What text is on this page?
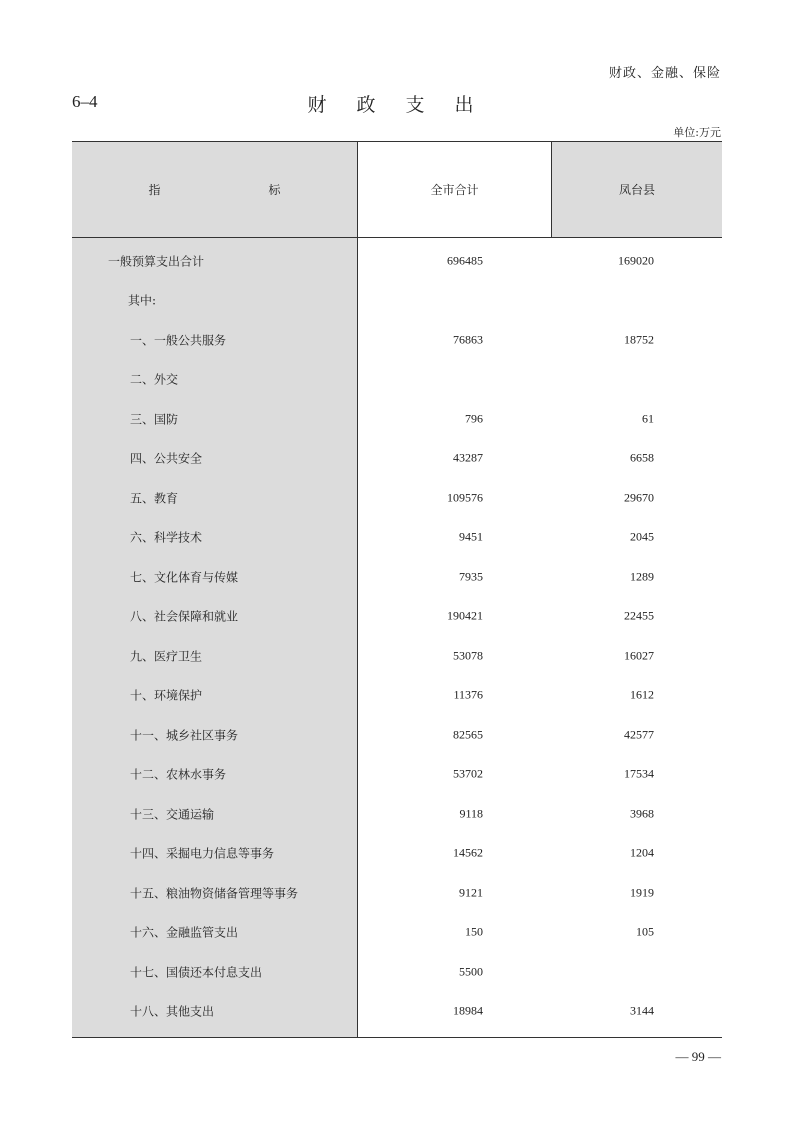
财政、金融、保险
6–4	财 政 支 出
单位:万元
指　　标	全市合计	凤台县
一般预算支出合计	696485	169020
其中:
一、一般公共服务	76863	18752
二、外交
三、国防	796	61
四、公共安全	43287	6658
五、教育	109576	29670
六、科学技术	9451	2045
七、文化体育与传媒	7935	1289
八、社会保障和就业	190421	22455
九、医疗卫生	53078	16027
十、环境保护	11376	1612
十一、城乡社区事务	82565	42577
十二、农林水事务	53702	17534
十三、交通运输	9118	3968
十四、采掘电力信息等事务	14562	1204
十五、粮油物资储备管理等事务	9121	1919
十六、金融监管支出	150	105
十七、国债还本付息支出	5500
十八、其他支出	18984	3144
— 99 —
